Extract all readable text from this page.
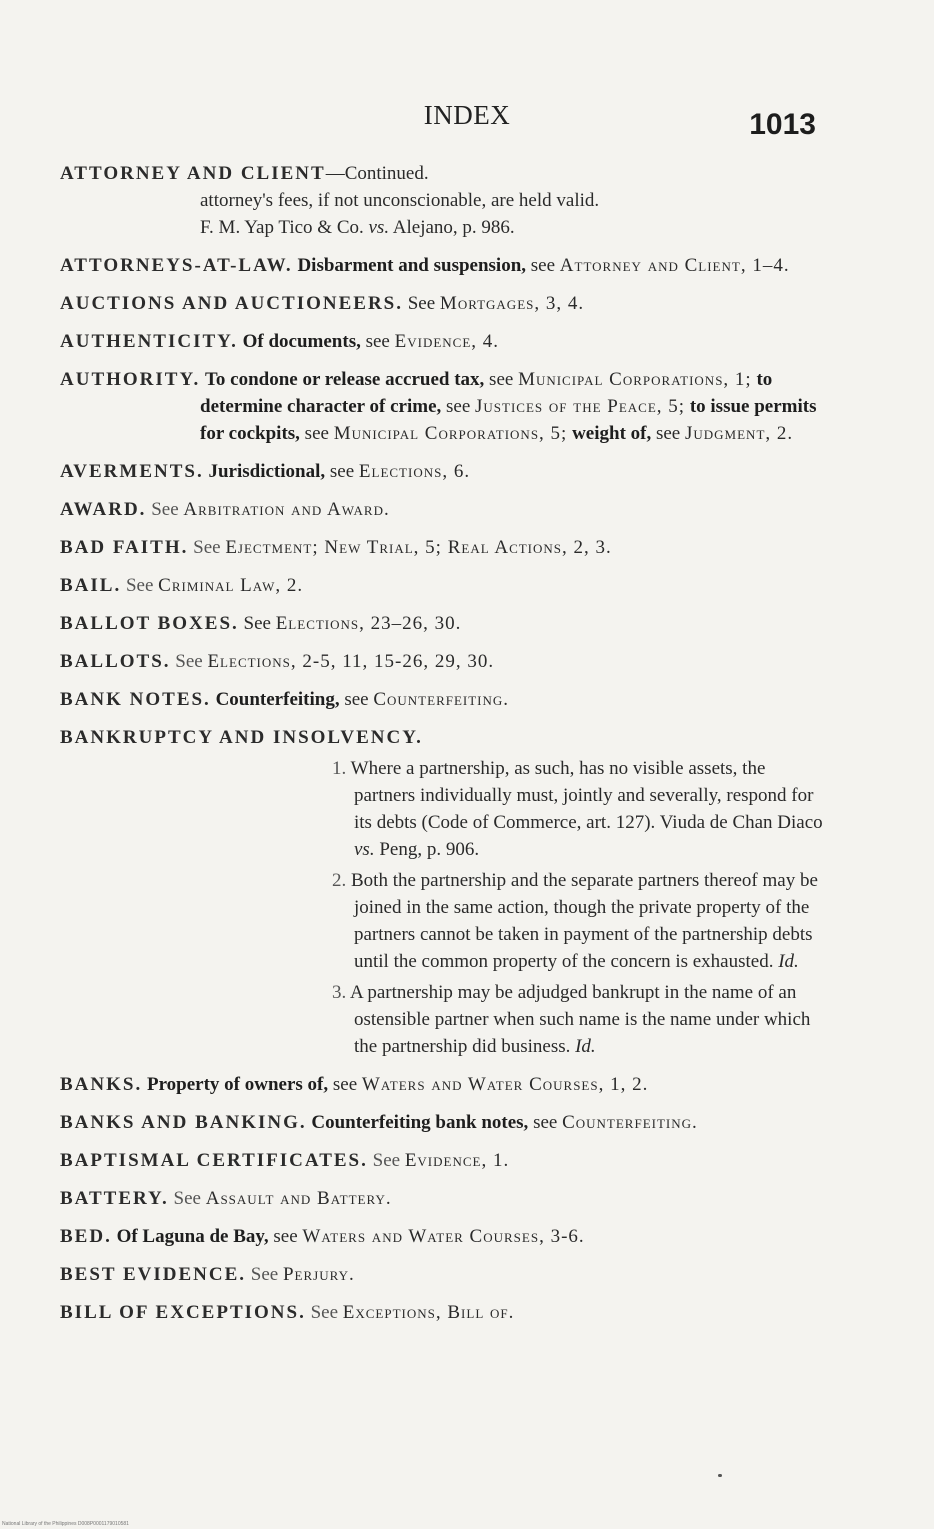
INDEX	1013
ATTORNEY AND CLIENT—Continued.
attorney's fees, if not unconscionable, are held valid.
F. M. Yap Tico & Co. vs. Alejano, p. 986.
ATTORNEYS-AT-LAW. Disbarment and suspension, see Attorney and Client, 1–4.
AUCTIONS AND AUCTIONEERS. See Mortgages, 3, 4.
AUTHENTICITY. Of documents, see Evidence, 4.
AUTHORITY. To condone or release accrued tax, see Municipal Corporations, 1; to determine character of crime, see Justices of the Peace, 5; to issue permits for cockpits, see Municipal Corporations, 5; weight of, see Judgment, 2.
AVERMENTS. Jurisdictional, see Elections, 6.
AWARD. See Arbitration and Award.
BAD FAITH. See Ejectment; New Trial, 5; Real Actions, 2, 3.
BAIL. See Criminal Law, 2.
BALLOT BOXES. See Elections, 23–26, 30.
BALLOTS. See Elections, 2-5, 11, 15-26, 29, 30.
BANK NOTES. Counterfeiting, see Counterfeiting.
BANKRUPTCY AND INSOLVENCY.
1. Where a partnership, as such, has no visible assets, the partners individually must, jointly and severally, respond for its debts (Code of Commerce, art. 127). Viuda de Chan Diaco vs. Peng, p. 906.
2. Both the partnership and the separate partners thereof may be joined in the same action, though the private property of the partners cannot be taken in payment of the partnership debts until the common property of the concern is exhausted. Id.
3. A partnership may be adjudged bankrupt in the name of an ostensible partner when such name is the name under which the partnership did business. Id.
BANKS. Property of owners of, see Waters and Water Courses, 1, 2.
BANKS AND BANKING. Counterfeiting bank notes, see Counterfeiting.
BAPTISMAL CERTIFICATES. See Evidence, 1.
BATTERY. See Assault and Battery.
BED. Of Laguna de Bay, see Waters and Water Courses, 3-6.
BEST EVIDENCE. See Perjury.
BILL OF EXCEPTIONS. See Exceptions, Bill of.
National Library of the Philippines D008P0001179010581
